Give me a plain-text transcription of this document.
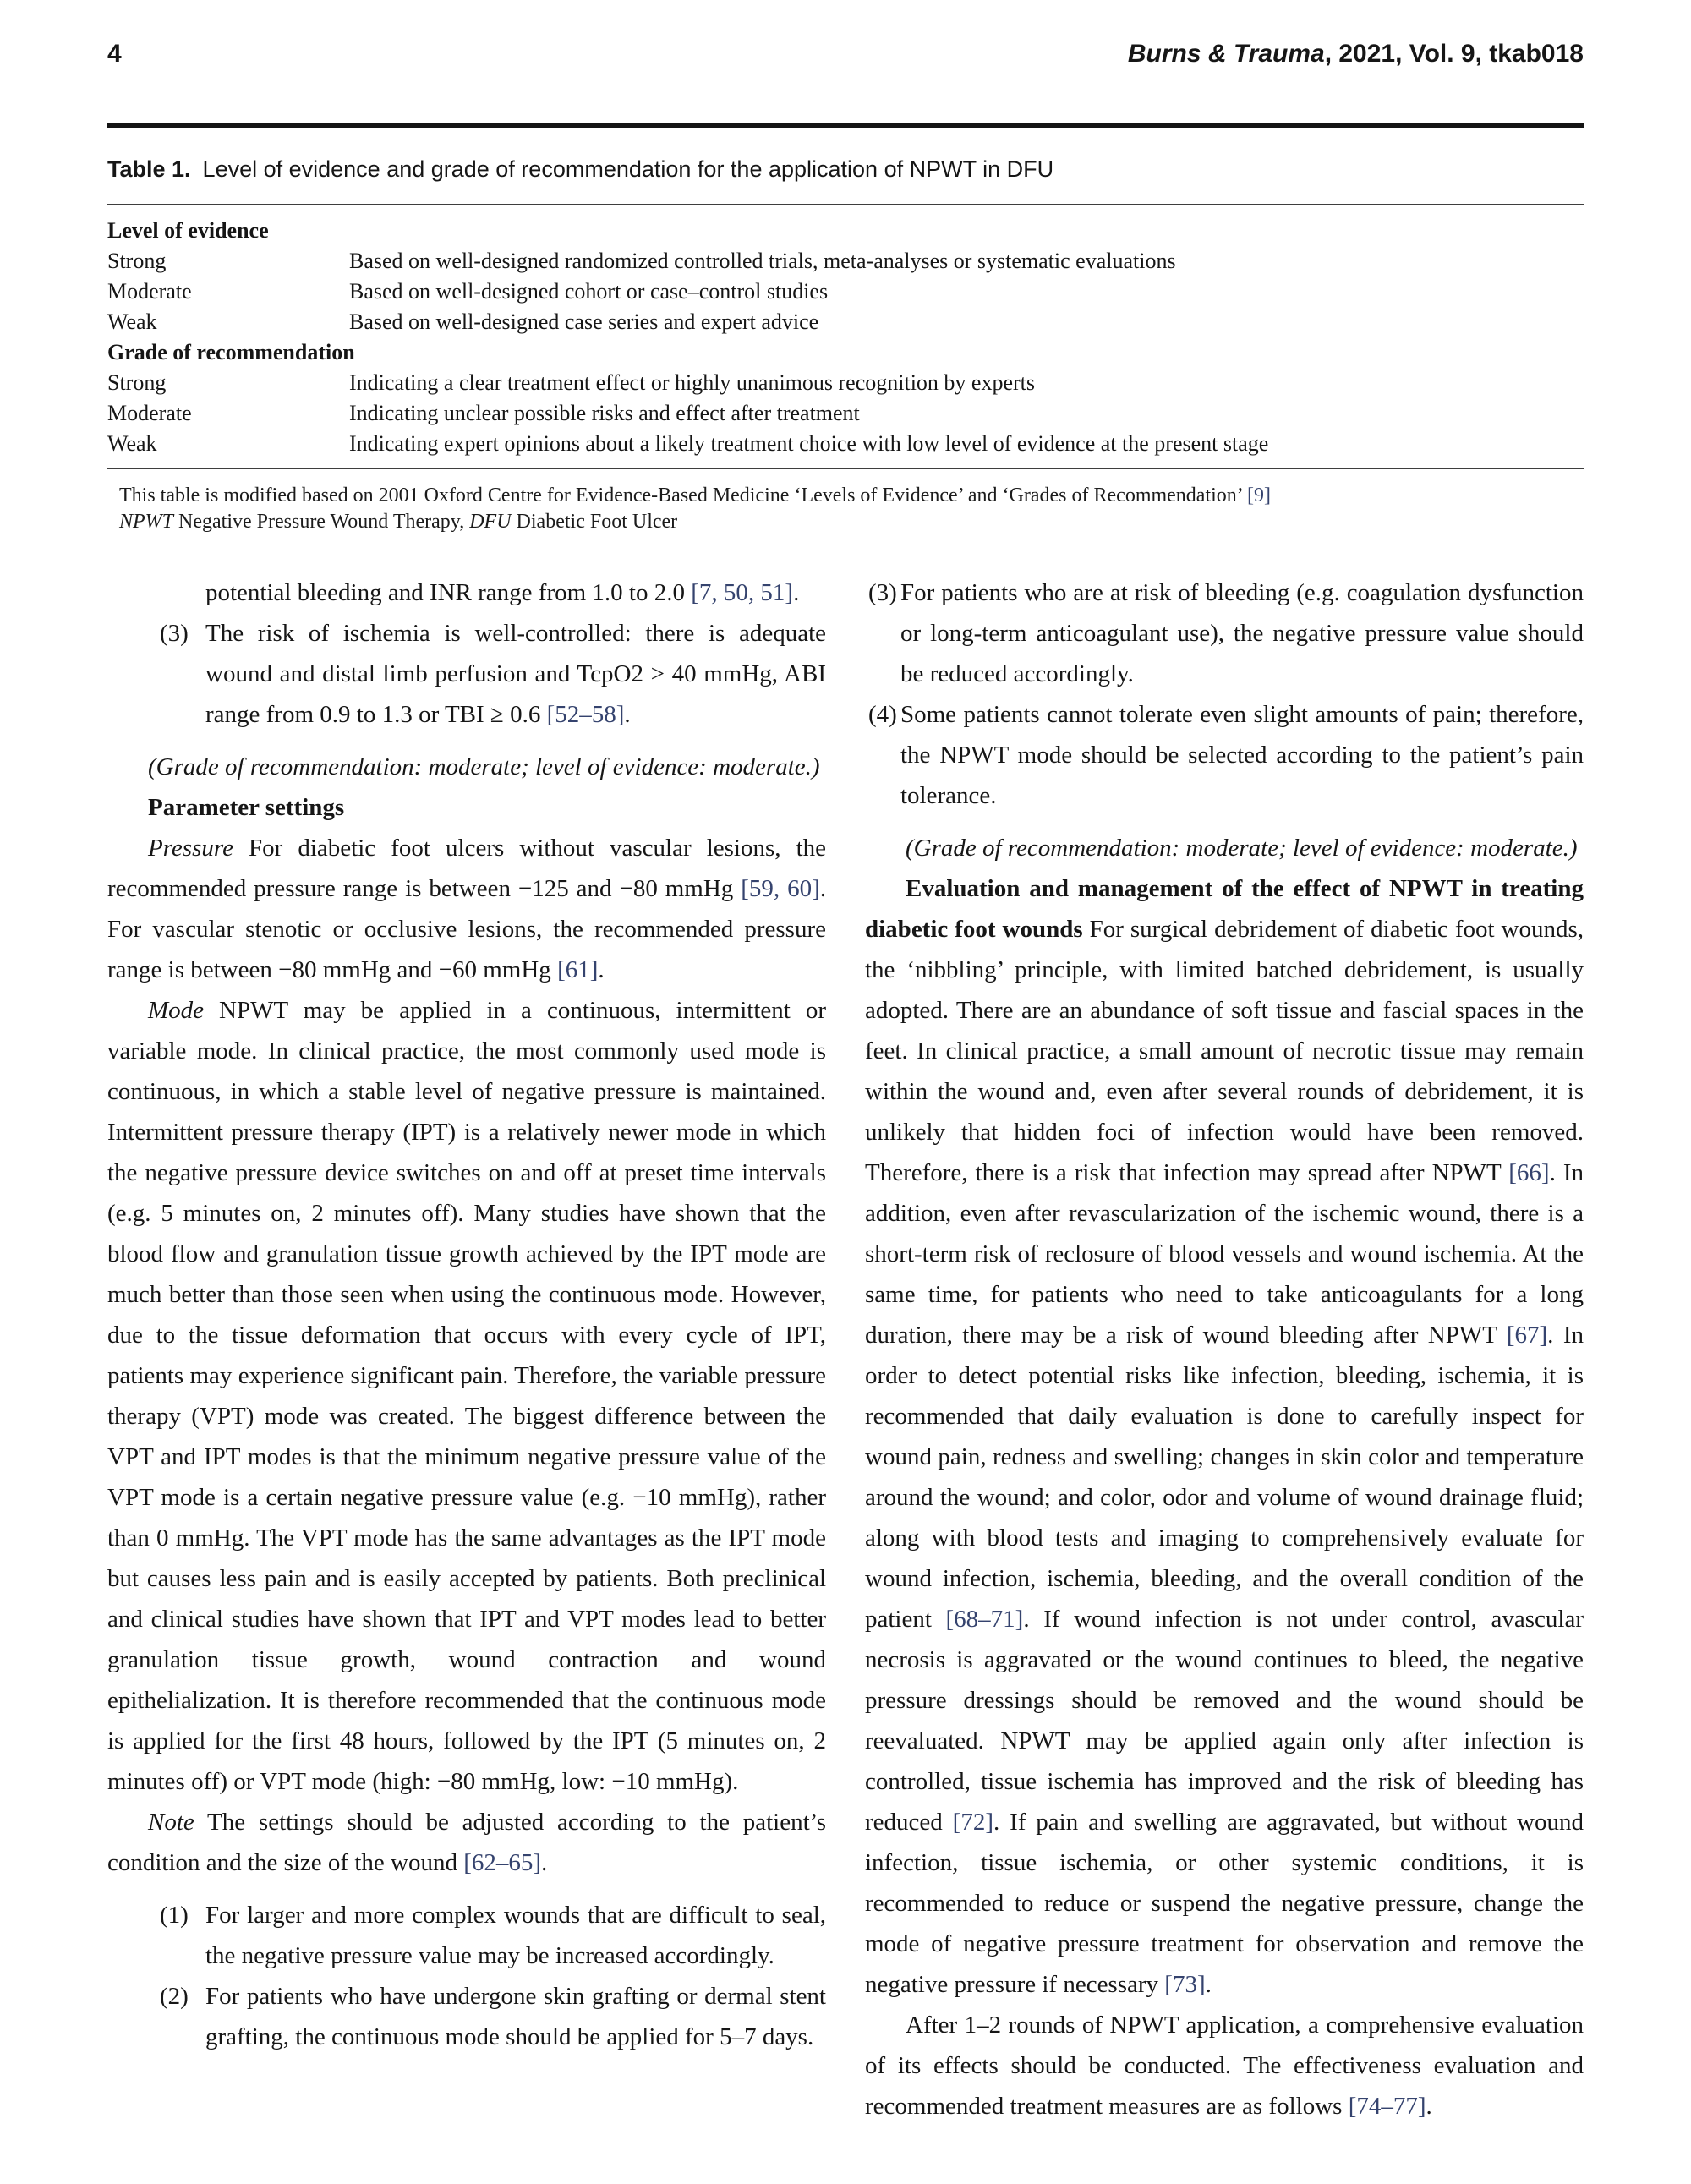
4	Burns & Trauma, 2021, Vol. 9, tkab018
Table 1. Level of evidence and grade of recommendation for the application of NPWT in DFU
Level of evidence	
Strong	Based on well-designed randomized controlled trials, meta-analyses or systematic evaluations
Moderate	Based on well-designed cohort or case–control studies
Weak	Based on well-designed case series and expert advice
Grade of recommendation	
Strong	Indicating a clear treatment effect or highly unanimous recognition by experts
Moderate	Indicating unclear possible risks and effect after treatment
Weak	Indicating expert opinions about a likely treatment choice with low level of evidence at the present stage
This table is modified based on 2001 Oxford Centre for Evidence-Based Medicine ‘Levels of Evidence’ and ‘Grades of Recommendation’ [9]
NPWT Negative Pressure Wound Therapy, DFU Diabetic Foot Ulcer
potential bleeding and INR range from 1.0 to 2.0 [7, 50, 51].
(3) The risk of ischemia is well-controlled: there is adequate wound and distal limb perfusion and TcpO2 > 40 mmHg, ABI range from 0.9 to 1.3 or TBI ≥ 0.6 [52–58].
(Grade of recommendation: moderate; level of evidence: moderate.)
Parameter settings
Pressure For diabetic foot ulcers without vascular lesions, the recommended pressure range is between −125 and −80 mmHg [59, 60]. For vascular stenotic or occlusive lesions, the recommended pressure range is between −80 mmHg and −60 mmHg [61].
Mode NPWT may be applied in a continuous, intermittent or variable mode. In clinical practice, the most commonly used mode is continuous, in which a stable level of negative pressure is maintained. Intermittent pressure therapy (IPT) is a relatively newer mode in which the negative pressure device switches on and off at preset time intervals (e.g. 5 minutes on, 2 minutes off). Many studies have shown that the blood flow and granulation tissue growth achieved by the IPT mode are much better than those seen when using the continuous mode. However, due to the tissue deformation that occurs with every cycle of IPT, patients may experience significant pain. Therefore, the variable pressure therapy (VPT) mode was created. The biggest difference between the VPT and IPT modes is that the minimum negative pressure value of the VPT mode is a certain negative pressure value (e.g. −10 mmHg), rather than 0 mmHg. The VPT mode has the same advantages as the IPT mode but causes less pain and is easily accepted by patients. Both preclinical and clinical studies have shown that IPT and VPT modes lead to better granulation tissue growth, wound contraction and wound epithelialization. It is therefore recommended that the continuous mode is applied for the first 48 hours, followed by the IPT (5 minutes on, 2 minutes off) or VPT mode (high: −80 mmHg, low: −10 mmHg).
Note The settings should be adjusted according to the patient’s condition and the size of the wound [62–65].
(1) For larger and more complex wounds that are difficult to seal, the negative pressure value may be increased accordingly.
(2) For patients who have undergone skin grafting or dermal stent grafting, the continuous mode should be applied for 5–7 days.
(3) For patients who are at risk of bleeding (e.g. coagulation dysfunction or long-term anticoagulant use), the negative pressure value should be reduced accordingly.
(4) Some patients cannot tolerate even slight amounts of pain; therefore, the NPWT mode should be selected according to the patient’s pain tolerance.
(Grade of recommendation: moderate; level of evidence: moderate.)
Evaluation and management of the effect of NPWT in treating diabetic foot wounds For surgical debridement of diabetic foot wounds, the ‘nibbling’ principle, with limited batched debridement, is usually adopted. There are an abundance of soft tissue and fascial spaces in the feet. In clinical practice, a small amount of necrotic tissue may remain within the wound and, even after several rounds of debridement, it is unlikely that hidden foci of infection would have been removed. Therefore, there is a risk that infection may spread after NPWT [66]. In addition, even after revascularization of the ischemic wound, there is a short-term risk of reclosure of blood vessels and wound ischemia. At the same time, for patients who need to take anticoagulants for a long duration, there may be a risk of wound bleeding after NPWT [67]. In order to detect potential risks like infection, bleeding, ischemia, it is recommended that daily evaluation is done to carefully inspect for wound pain, redness and swelling; changes in skin color and temperature around the wound; and color, odor and volume of wound drainage fluid; along with blood tests and imaging to comprehensively evaluate for wound infection, ischemia, bleeding, and the overall condition of the patient [68–71]. If wound infection is not under control, avascular necrosis is aggravated or the wound continues to bleed, the negative pressure dressings should be removed and the wound should be reevaluated. NPWT may be applied again only after infection is controlled, tissue ischemia has improved and the risk of bleeding has reduced [72]. If pain and swelling are aggravated, but without wound infection, tissue ischemia, or other systemic conditions, it is recommended to reduce or suspend the negative pressure, change the mode of negative pressure treatment for observation and remove the negative pressure if necessary [73].
After 1–2 rounds of NPWT application, a comprehensive evaluation of its effects should be conducted. The effectiveness evaluation and recommended treatment measures are as follows [74–77].
